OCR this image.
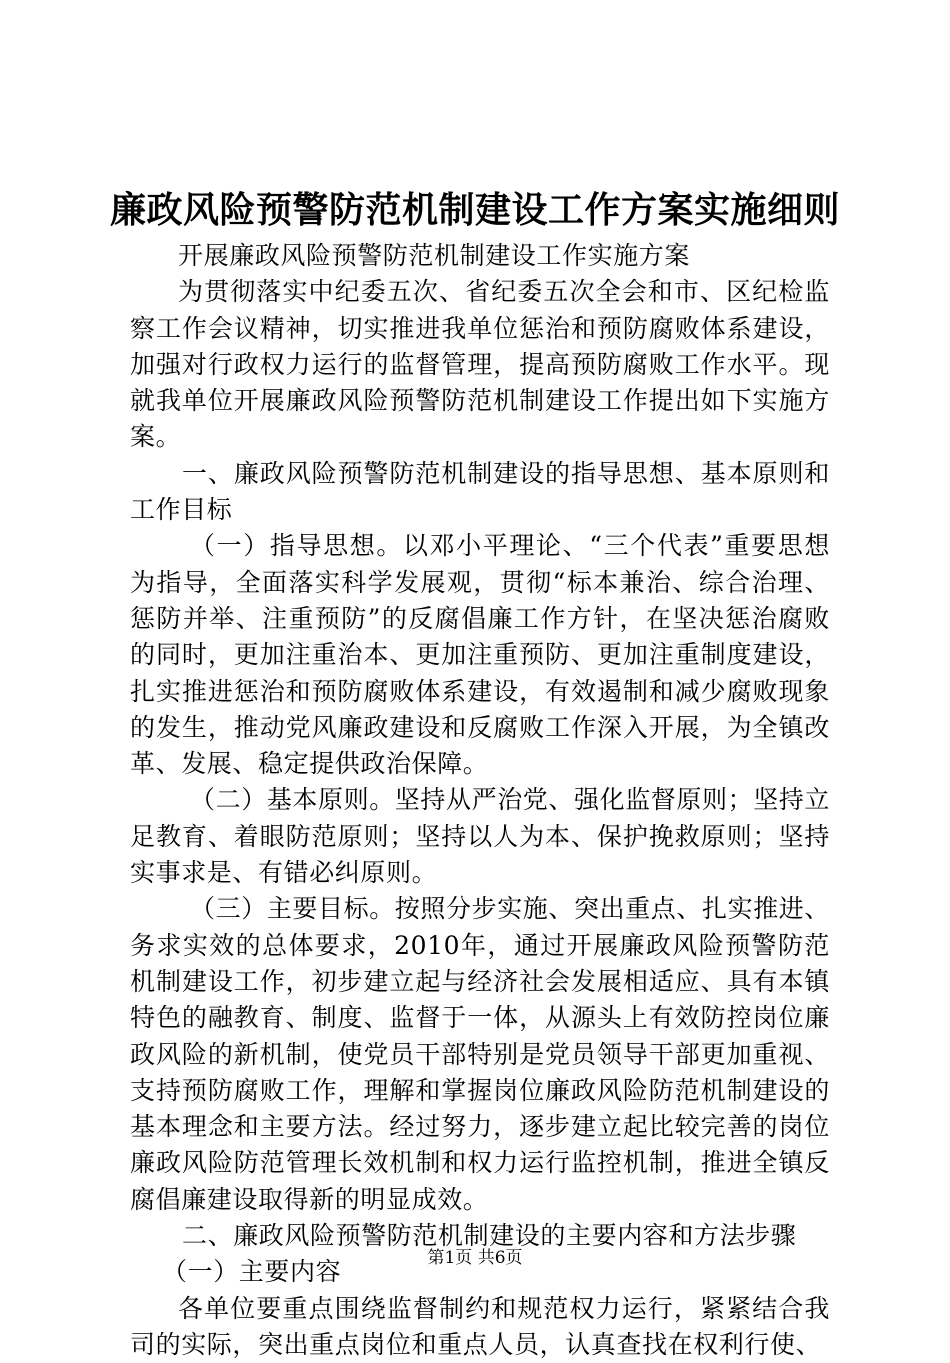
廉政风险预警防范机制建设工作方案实施细则

开展廉政风险预警防范机制建设工作实施方案

为贯彻落实中纪委五次、省纪委五次全会和市、区纪检监察工作会议精神，切实推进我单位惩治和预防腐败体系建设，加强对行政权力运行的监督管理，提高预防腐败工作水平。现就我单位开展廉政风险预警防范机制建设工作提出如下实施方案。

一、廉政风险预警防范机制建设的指导思想、基本原则和工作目标

（一）指导思想。以邓小平理论、“三个代表”重要思想为指导，全面落实科学发展观，贯彻“标本兼治、综合治理、惩防并举、注重预防”的反腐倡廉工作方针，在坚决惩治腐败的同时，更加注重治本、更加注重预防、更加注重制度建设，扎实推进惩治和预防腐败体系建设，有效遏制和减少腐败现象的发生，推动党风廉政建设和反腐败工作深入开展，为全镇改革、发展、稳定提供政治保障。

（二）基本原则。坚持从严治党、强化监督原则；坚持立足教育、着眼防范原则；坚持以人为本、保护挽救原则；坚持实事求是、有错必纠原则。

（三）主要目标。按照分步实施、突出重点、扎实推进、务求实效的总体要求，2010年，通过开展廉政风险预警防范机制建设工作，初步建立起与经济社会发展相适应、具有本镇特色的融教育、制度、监督于一体，从源头上有效防控岗位廉政风险的新机制，使党员干部特别是党员领导干部更加重视、支持预防腐败工作，理解和掌握岗位廉政风险防范机制建设的基本理念和主要方法。经过努力，逐步建立起比较完善的岗位廉政风险防范管理长效机制和权力运行监控机制，推进全镇反腐倡廉建设取得新的明显成效。

二、廉政风险预警防范机制建设的主要内容和方法步骤

（一）主要内容

各单位要重点围绕监督制约和规范权力运行，紧紧结合我司的实际，突出重点岗位和重点人员，认真查找在权利行使、

第1页 共6页
